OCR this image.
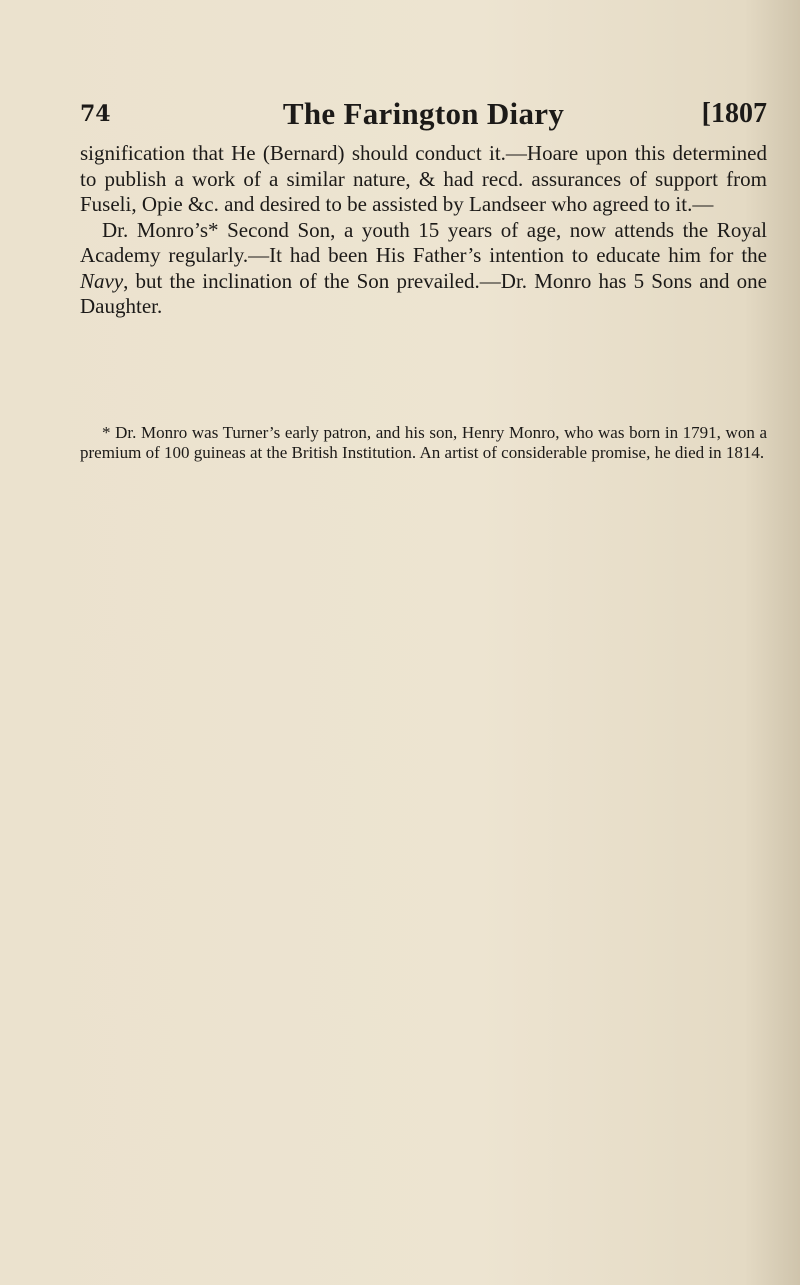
74	The Farington Diary	[1807

signification that He (Bernard) should conduct it.—Hoare upon this determined to publish a work of a similar nature, & had recd. assurances of support from Fuseli, Opie &c. and desired to be assisted by Landseer who agreed to it.—

Dr. Monro’s* Second Son, a youth 15 years of age, now attends the Royal Academy regularly.—It had been His Father’s intention to educate him for the Navy, but the inclination of the Son prevailed.—Dr. Monro has 5 Sons and one Daughter.

* Dr. Monro was Turner’s early patron, and his son, Henry Monro, who was born in 1791, won a premium of 100 guineas at the British Institution. An artist of considerable promise, he died in 1814.
